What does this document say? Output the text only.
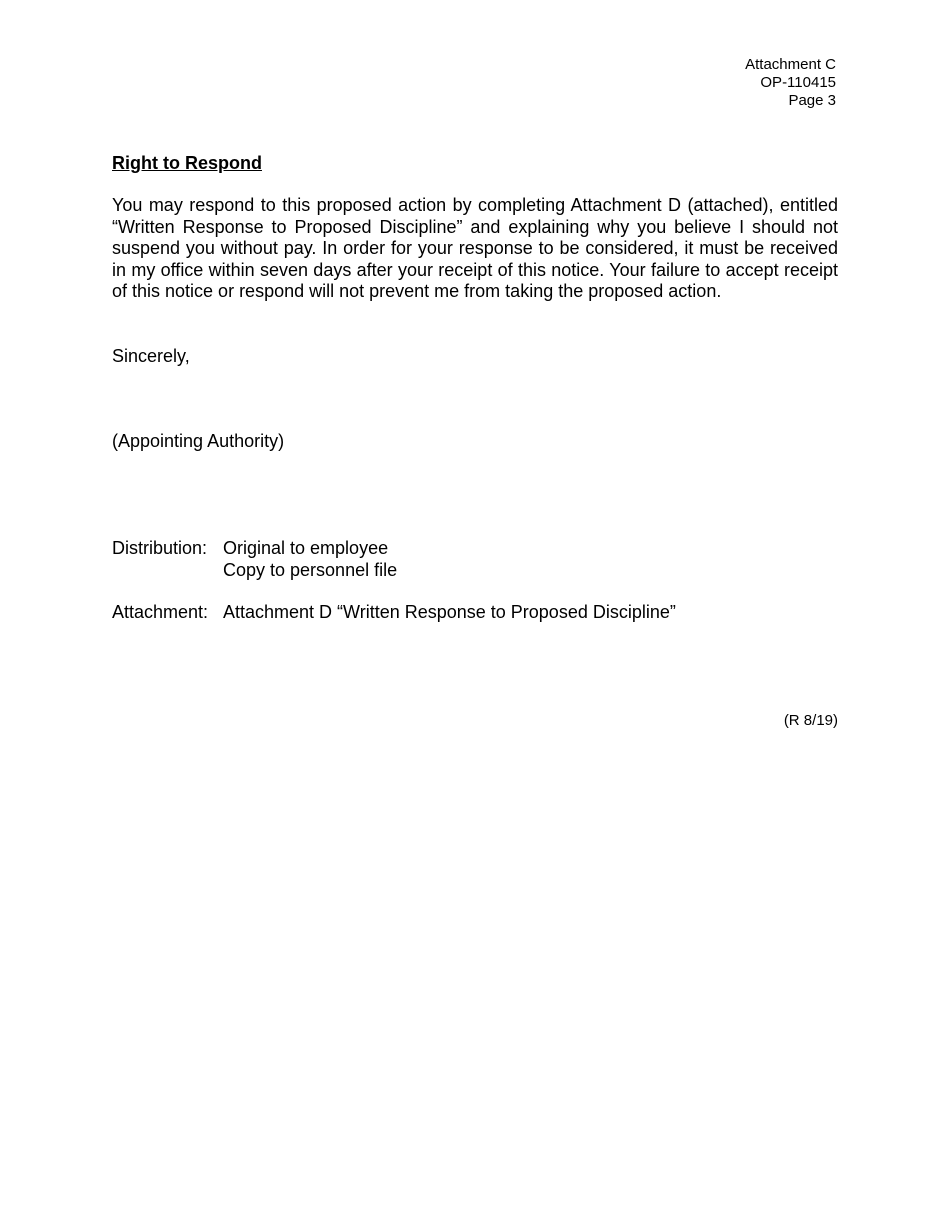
Attachment C
OP-110415
Page 3
Right to Respond
You may respond to this proposed action by completing Attachment D (attached), entitled “Written Response to Proposed Discipline” and explaining why you believe I should not suspend you without pay. In order for your response to be considered, it must be received in my office within seven days after your receipt of this notice. Your failure to accept receipt of this notice or respond will not prevent me from taking the proposed action.
Sincerely,
(Appointing Authority)
Distribution: Original to employee
Copy to personnel file
Attachment: Attachment D “Written Response to Proposed Discipline”
(R 8/19)
